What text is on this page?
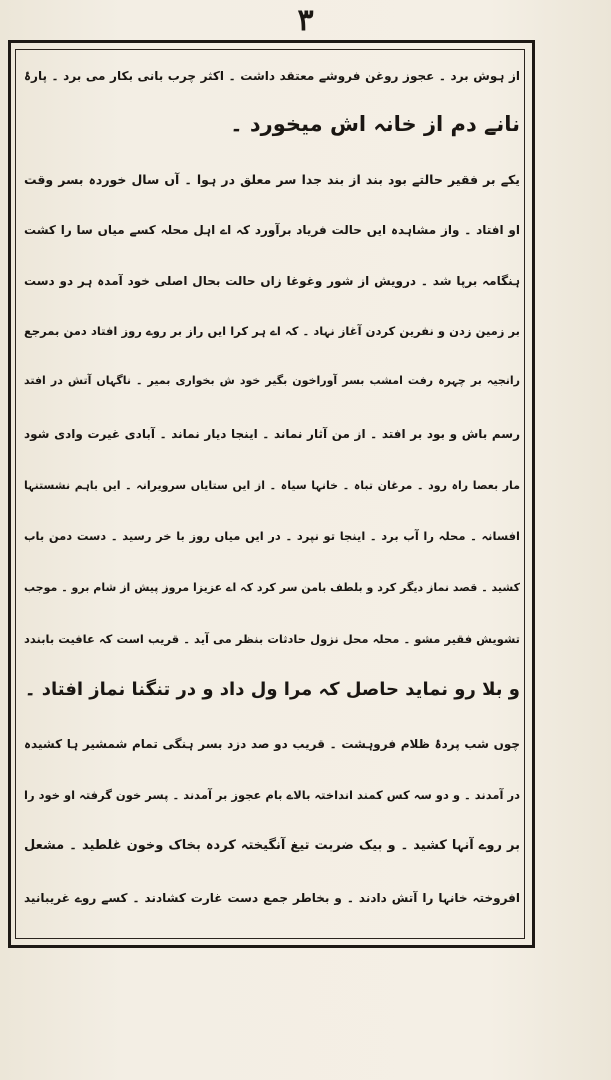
۳
از ہوش برد ۔ عجوز روغن فروشے معتقد داشت ۔ اکثر چرب بانی بکار می برد ۔ پارۂ
نانے دم از خانہ اش میخورد ۔
یکے بر فقیر حالتے بود بند از بند جدا سر معلق در ہوا ۔ آں سال خوردہ بسر وقت
او افتاد ۔ واز مشاہدہ ایں حالت فریاد برآورد کہ اے اہل محلہ کسے میاں سا را کشت
ہنگامہ برپا شد ۔ درویش از شور وغوغا زاں حالت بحال اصلی خود آمدہ ہر دو دست
بر زمین زدن و نفرین کردن آغاز نہاد ۔ کہ اے ہر کرا ایں راز بر روے روز افتاد دمن بمرجع
رانجیہ بر چہرہ رفت امشب بسر آوراخون بگیر خود ش بخواری بمیر ۔ ناگہاں آتش در افتد
رسم باش و بود بر افتد ۔ از من آثار نماند ۔ اینجا دیار نماند ۔ آبادی غیرت وادی شود
مار بعصا راہ رود ۔ مرغان تباہ ۔ خانہا سیاہ ۔ از ایں ستایاں سرویرانہ ۔ ایں باہم نشستنہا
افسانہ ۔ محلہ را آب برد ۔ اینجا تو نپرد ۔ در ایں میاں روز با خر رسید ۔ دست دمن باب
کشید ۔ قصد نماز دیگر کرد و بلطف بامن سر کرد کہ اے عزیزا مروز پیش از شام برو ۔ موجب
تشویش فقیر مشو ۔ محلہ محل نزول حادثات بنظر می آید ۔ قریب است کہ عافیت بابندد
و بلا رو نماید حاصل کہ مرا ول داد و در تنگنا نماز افتاد ۔
چوں شب پردۂ ظلام فروہشت ۔ قریب دو صد دزد بسر ہنگی تمام شمشیر ہا کشیدہ
در آمدند ۔ و دو سہ کس کمند انداختہ بالاے بام عجوز بر آمدند ۔ پسر خون گرفتہ او خود را
بر روے آنہا کشید ۔ و بیک ضربت تیغ آنگیختہ کردہ بخاک وخون غلطید ۔ مشعل
افروختہ خانہا را آتش دادند ۔ و بخاطر جمع دست غارت کشادند ۔ کسے روے غریبانید
